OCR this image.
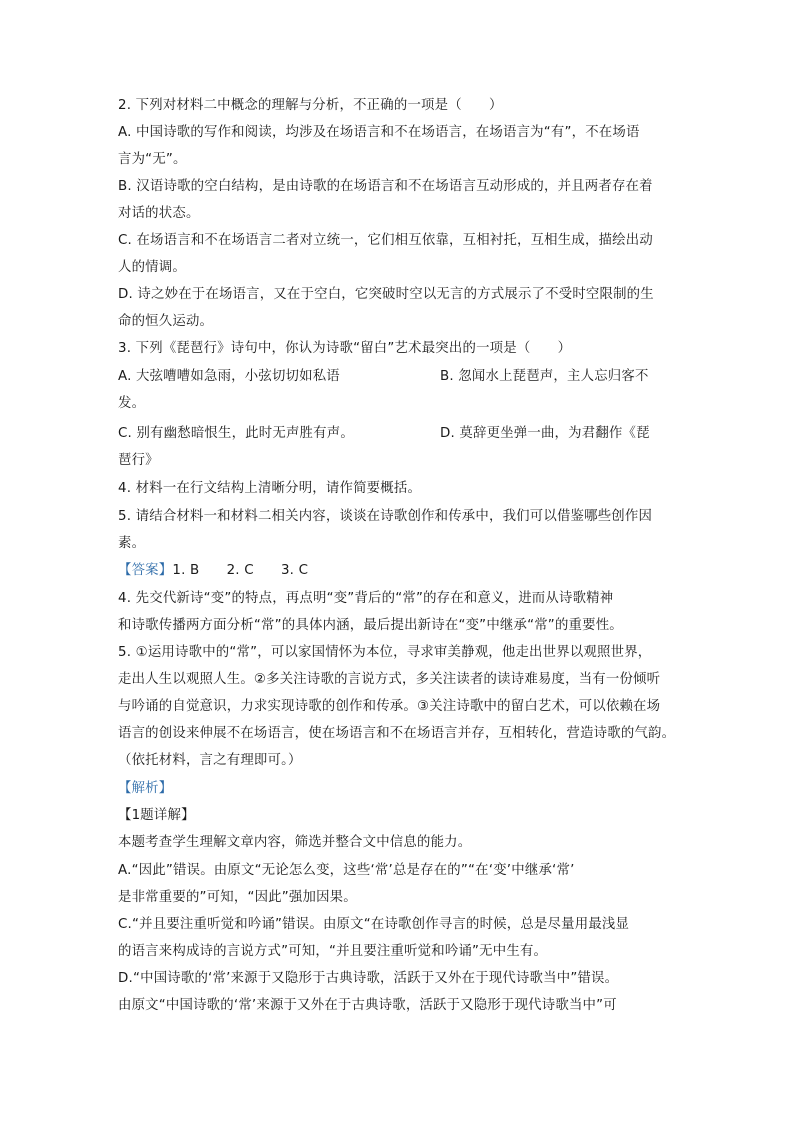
2. 下列对材料二中概念的理解与分析，不正确的一项是（　　）
A. 中国诗歌的写作和阅读，均涉及在场语言和不在场语言，在场语言为“有”，不在场语
言为“无”。
B. 汉语诗歌的空白结构，是由诗歌的在场语言和不在场语言互动形成的，并且两者存在着
对话的状态。
C. 在场语言和不在场语言二者对立统一，它们相互依靠，互相衬托，互相生成，描绘出动
人的情调。
D. 诗之妙在于在场语言，又在于空白，它突破时空以无言的方式展示了不受时空限制的生
命的恒久运动。
3. 下列《琵琶行》诗句中，你认为诗歌“留白”艺术最突出的一项是（　　）
A. 大弦嘈嘈如急雨，小弦切切如私语	B. 忽闻水上琵琶声，主人忘归客不
发。
C. 别有幽愁暗恨生，此时无声胜有声。	D. 莫辞更坐弹一曲，为君翻作《琵
琶行》
4. 材料一在行文结构上清晰分明，请作简要概括。
5. 请结合材料一和材料二相关内容，谈谈在诗歌创作和传承中，我们可以借鉴哪些创作因
素。
【答案】1. B　　2. C　　3. C
4. 先交代新诗“变”的特点，再点明“变”背后的“常”的存在和意义，进而从诗歌精神
和诗歌传播两方面分析“常”的具体内涵，最后提出新诗在“变”中继承“常”的重要性。
5. ①运用诗歌中的“常”，可以家国情怀为本位，寻求审美静观，他走出世界以观照世界，
走出人生以观照人生。②多关注诗歌的言说方式，多关注读者的读诗难易度，当有一份倾听
与吟诵的自觉意识，力求实现诗歌的创作和传承。③关注诗歌中的留白艺术，可以依赖在场
语言的创设来伸展不在场语言，使在场语言和不在场语言并存，互相转化，营造诗歌的气韵。
（依托材料，言之有理即可。）
【解析】
【1题详解】
本题考查学生理解文章内容，筛选并整合文中信息的能力。
A.“因此”错误。由原文“无论怎么变，这些‘常’总是存在的”“在‘变’中继承‘常’
是非常重要的”可知，“因此”强加因果。
C.“并且要注重听觉和吟诵”错误。由原文“在诗歌创作寻言的时候，总是尽量用最浅显
的语言来构成诗的言说方式”可知，“并且要注重听觉和吟诵”无中生有。
D.“中国诗歌的‘常’来源于又隐形于古典诗歌，活跃于又外在于现代诗歌当中”错误。
由原文“中国诗歌的‘常’来源于又外在于古典诗歌，活跃于又隐形于现代诗歌当中”可
